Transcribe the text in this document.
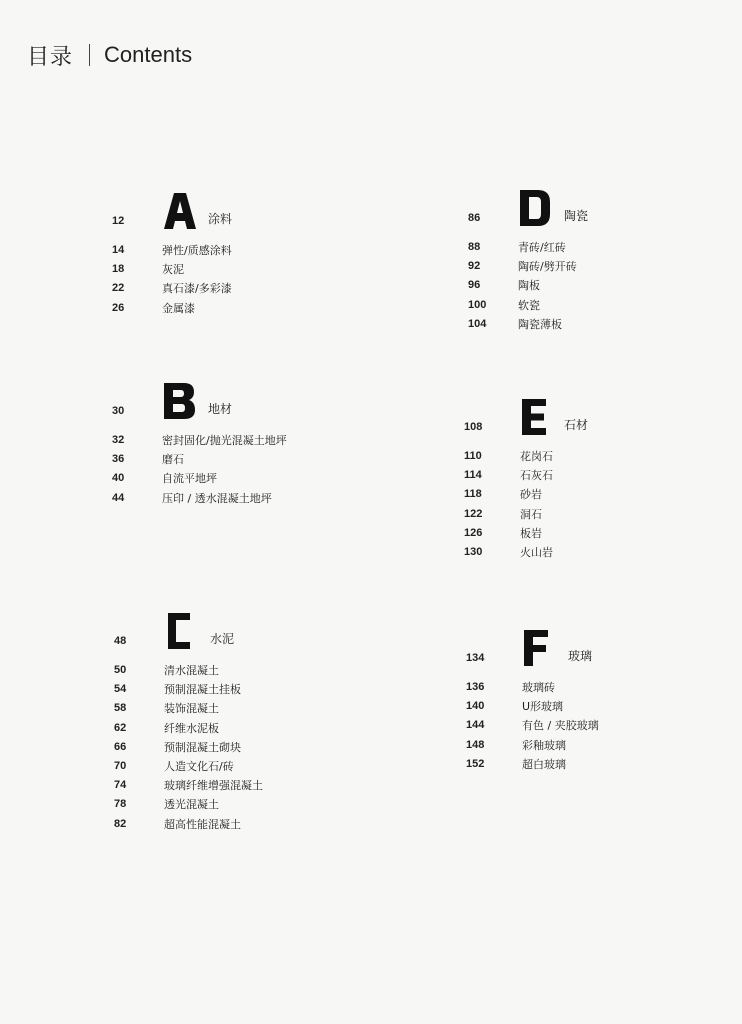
目录 Contents
12	涂料
14	弹性/质感涂料
18	灰泥
22	真石漆/多彩漆
26	金属漆
30	地材
32	密封固化/抛光混凝土地坪
36	磨石
40	自流平地坪
44	压印 / 透水混凝土地坪
48	水泥
50	清水混凝土
54	预制混凝土挂板
58	装饰混凝土
62	纤维水泥板
66	预制混凝土砌块
70	人造文化石/砖
74	玻璃纤维增强混凝土
78	透光混凝土
82	超高性能混凝土
86	陶瓷
88	青砖/红砖
92	陶砖/劈开砖
96	陶板
100	软瓷
104	陶瓷薄板
108	石材
110	花岗石
114	石灰石
118	砂岩
122	洞石
126	板岩
130	火山岩
134	玻璃
136	玻璃砖
140	U形玻璃
144	有色 / 夹胶玻璃
148	彩釉玻璃
152	超白玻璃
